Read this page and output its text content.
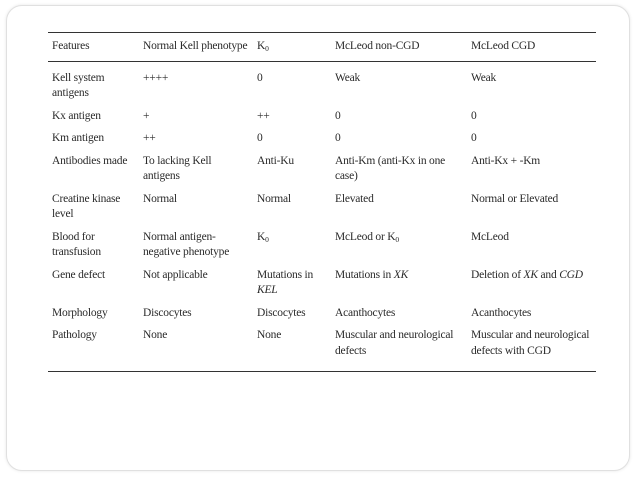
Features	Normal Kell phenotype	$K_0$	McLeod non-CGD	McLeod CGD
Kell system antigens	++++	0	Weak	Weak
Kx antigen	+	++	0	0
Km antigen	++	0	0	0
Antibodies made	To lacking Kell antigens	Anti-Ku	Anti-Km (anti-Kx in one case)	Anti-Kx + -Km
Creatine kinase level	Normal	Normal	Elevated	Normal or Elevated
Blood for transfusion	Normal antigen-negative phenotype	$K_0$	McLeod or $K_0$	McLeod
Gene defect	Not applicable	Mutations in KEL	Mutations in XK	Deletion of XK and CGD
Morphology	Discocytes	Discocytes	Acanthocytes	Acanthocytes
Pathology	None	None	Muscular and neurological defects	Muscular and neurological defects with CGD
